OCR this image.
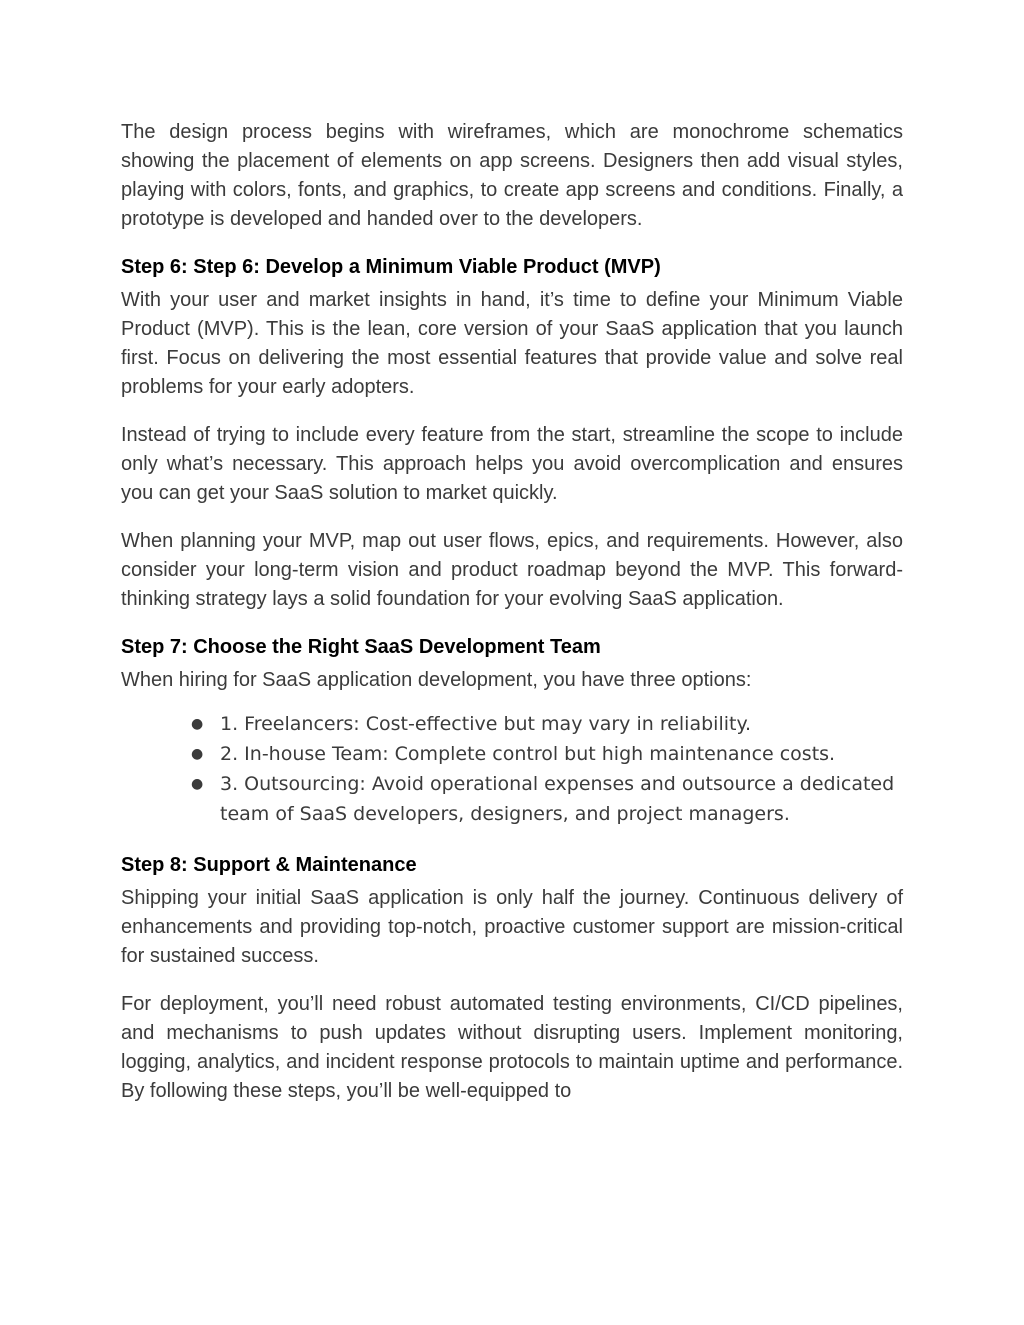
The design process begins with wireframes, which are monochrome schematics showing the placement of elements on app screens. Designers then add visual styles, playing with colors, fonts, and graphics, to create app screens and conditions. Finally, a prototype is developed and handed over to the developers.

Step 6: Step 6: Develop a Minimum Viable Product (MVP)

With your user and market insights in hand, it’s time to define your Minimum Viable Product (MVP). This is the lean, core version of your SaaS application that you launch first. Focus on delivering the most essential features that provide value and solve real problems for your early adopters.

Instead of trying to include every feature from the start, streamline the scope to include only what’s necessary. This approach helps you avoid overcomplication and ensures you can get your SaaS solution to market quickly.

When planning your MVP, map out user flows, epics, and requirements. However, also consider your long-term vision and product roadmap beyond the MVP. This forward-thinking strategy lays a solid foundation for your evolving SaaS application.

Step 7: Choose the Right SaaS Development Team

When hiring for SaaS application development, you have three options:

● 1. Freelancers: Cost-effective but may vary in reliability.
● 2. In-house Team: Complete control but high maintenance costs.
● 3. Outsourcing: Avoid operational expenses and outsource a dedicated team of SaaS developers, designers, and project managers.
Step 8: Support & Maintenance

Shipping your initial SaaS application is only half the journey. Continuous delivery of enhancements and providing top-notch, proactive customer support are mission-critical for sustained success.

For deployment, you’ll need robust automated testing environments, CI/CD pipelines, and mechanisms to push updates without disrupting users. Implement monitoring, logging, analytics, and incident response protocols to maintain uptime and performance. By following these steps, you’ll be well-equipped to
